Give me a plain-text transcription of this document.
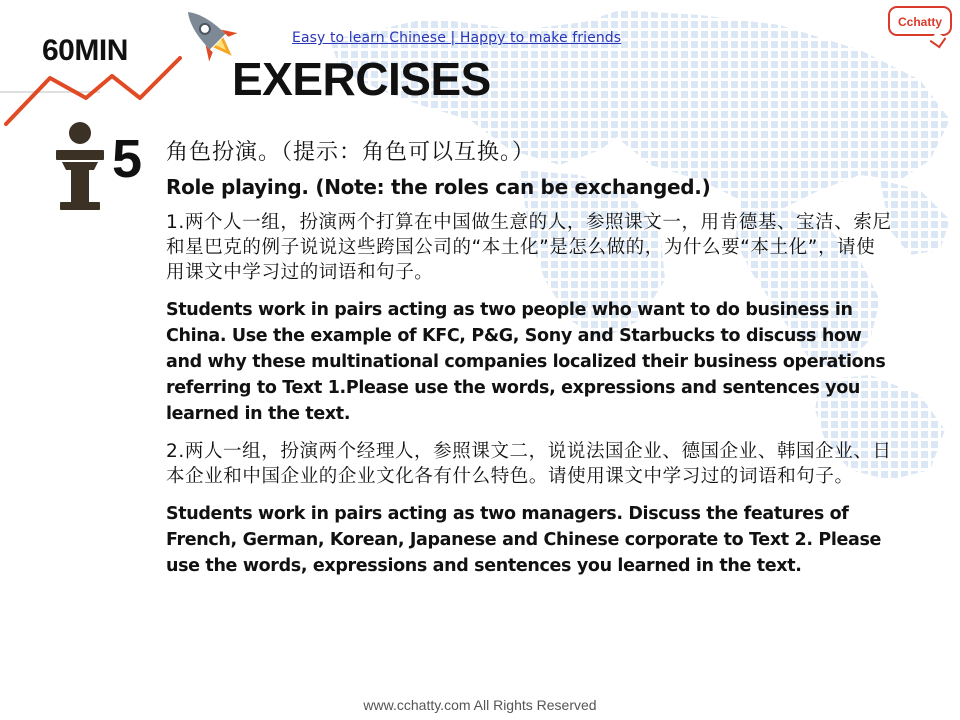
Easy to learn Chinese | Happy to make friends
Cchatty
60MIN
EXERCISES
5 角色扮演。（提示：角色可以互换。）

Role playing. (Note: the roles can be exchanged.)

1.两个人一组，扮演两个打算在中国做生意的人，参照课文一，用肯德基、宝洁、索尼和星巴克的例子说说这些跨国公司的“本土化”是怎么做的，为什么要“本土化”，请使用课文中学习过的词语和句子。

Students work in pairs acting as two people who want to do business in China. Use the example of KFC, P&G, Sony and Starbucks to discuss how and why these multinational companies localized their business operations referring to Text 1.Please use the words, expressions and sentences you learned in the text.

2.两人一组，扮演两个经理人，参照课文二，说说法国企业、德国企业、韩国企业、日本企业和中国企业的企业文化各有什么特色。请使用课文中学习过的词语和句子。

Students work in pairs acting as two managers. Discuss the features of French, German, Korean, Japanese and Chinese corporate to Text 2. Please use the words, expressions and sentences you learned in the text.

www.cchatty.com All Rights Reserved
